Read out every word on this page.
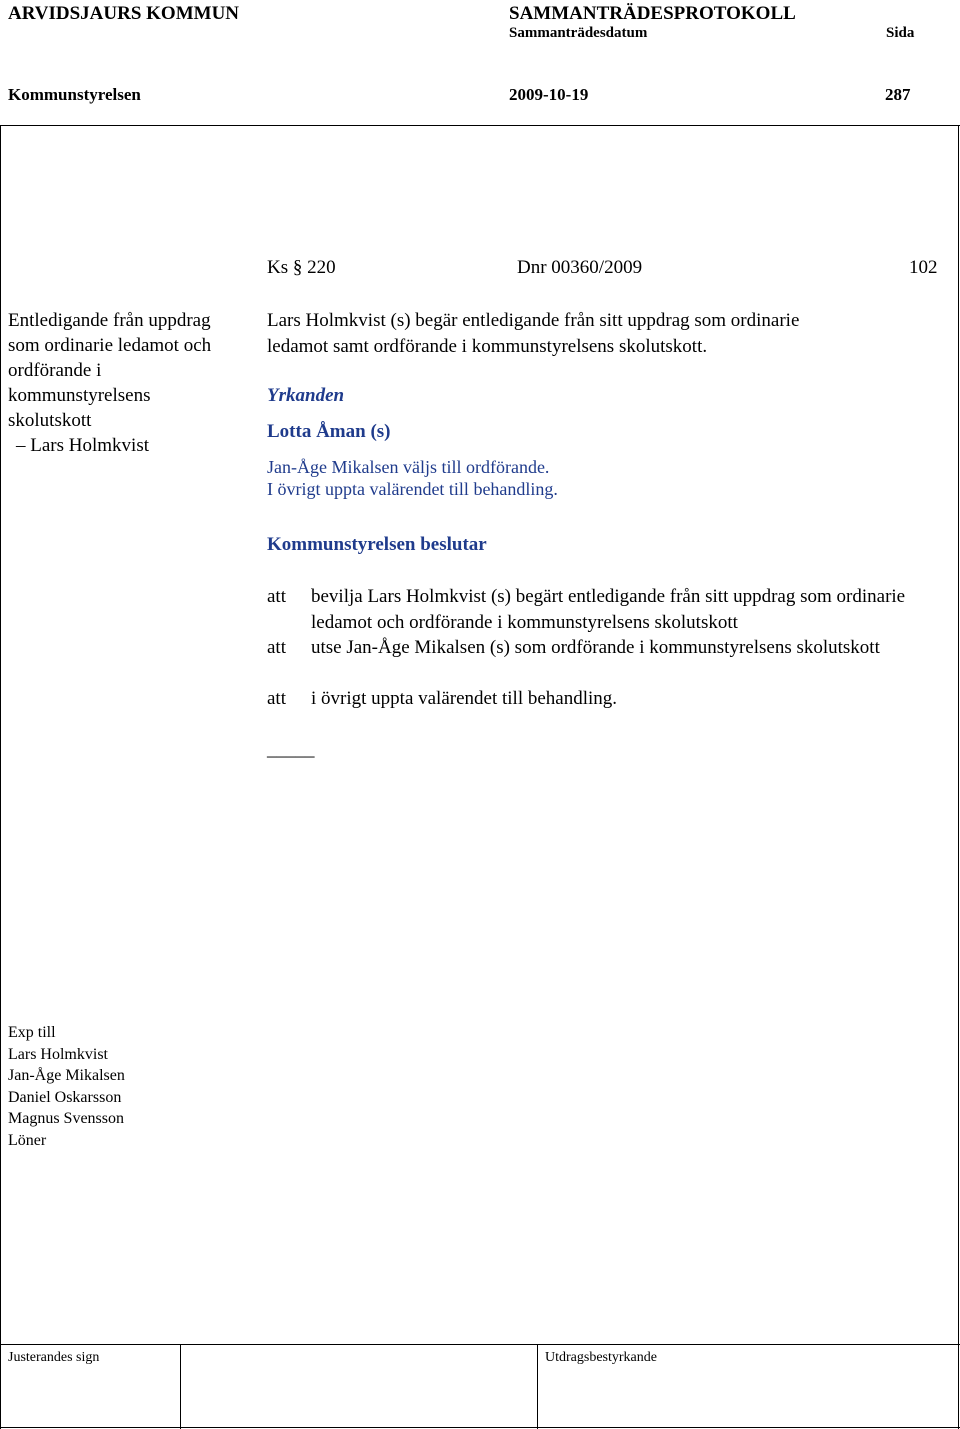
ARVIDSJAURS KOMMUN	SAMMANTRÄDESPROTOKOLL
Sammanträdesdatum	Sida
Kommunstyrelsen	2009-10-19	287
Ks § 220	Dnr 00360/2009	102
Entledigande från uppdrag
som ordinarie ledamot och
ordförande i
kommunstyrelsens
skolutskott
– Lars Holmkvist
Lars Holmkvist (s) begär entledigande från sitt uppdrag som ordinarie
ledamot samt ordförande i kommunstyrelsens skolutskott.
Yrkanden
Lotta Åman (s)
Jan-Åge Mikalsen väljs till ordförande.
I övrigt uppta valärendet till behandling.
Kommunstyrelsen beslutar
att	bevilja Lars Holmkvist (s) begärt entledigande från sitt uppdrag som ordinarie ledamot och ordförande i kommunstyrelsens skolutskott
att	utse Jan-Åge Mikalsen (s) som ordförande i kommunstyrelsens skolutskott
att	i övrigt uppta valärendet till behandling.
_____
Exp till
Lars Holmkvist
Jan-Åge Mikalsen
Daniel Oskarsson
Magnus Svensson
Löner
Justerandes sign	Utdragsbestyrkande
